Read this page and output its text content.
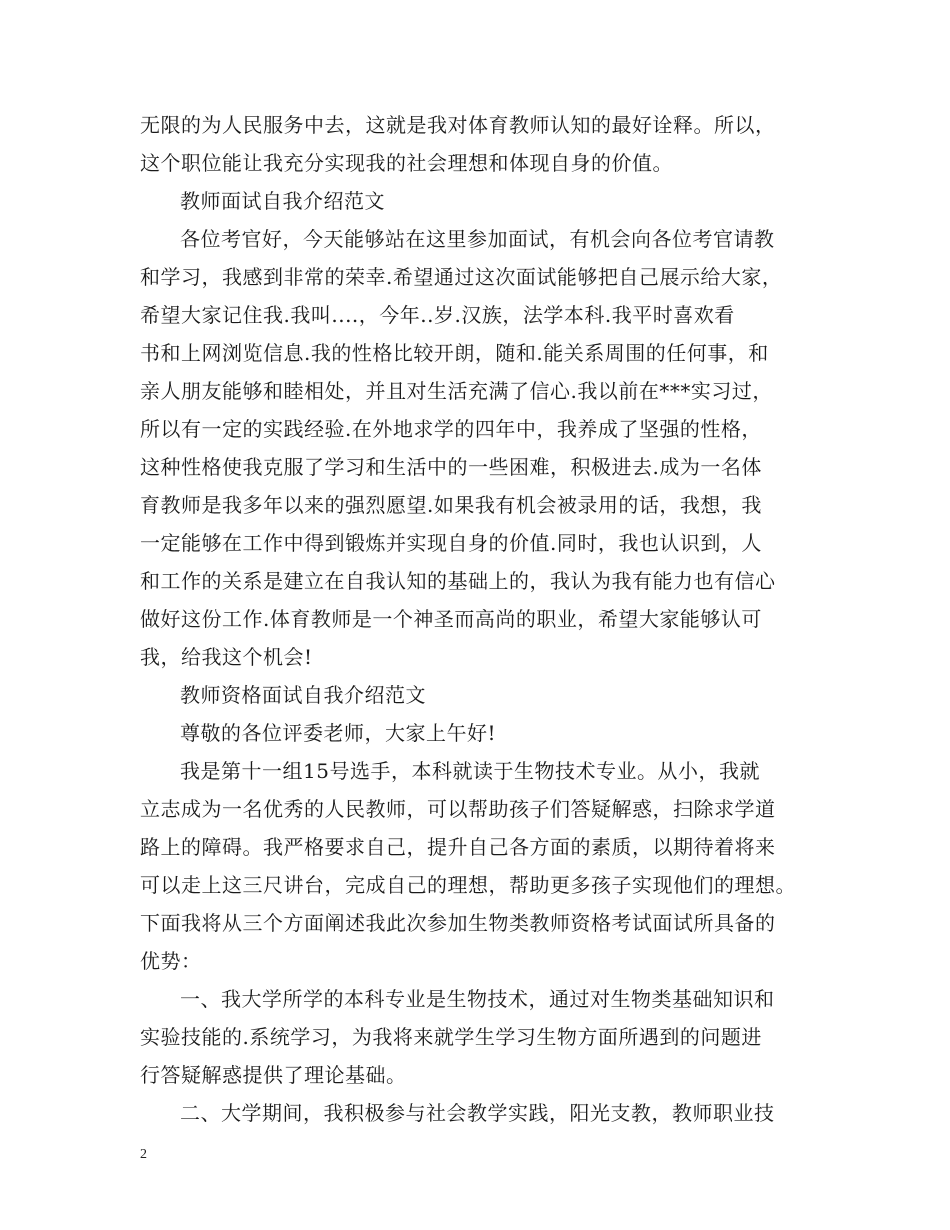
无限的为人民服务中去，这就是我对体育教师认知的最好诠释。所以，
这个职位能让我充分实现我的社会理想和体现自身的价值。
教师面试自我介绍范文
各位考官好，今天能够站在这里参加面试，有机会向各位考官请教
和学习，我感到非常的荣幸.希望通过这次面试能够把自己展示给大家，
希望大家记住我.我叫....，今年..岁.汉族，法学本科.我平时喜欢看
书和上网浏览信息.我的性格比较开朗，随和.能关系周围的任何事，和
亲人朋友能够和睦相处，并且对生活充满了信心.我以前在***实习过，
所以有一定的实践经验.在外地求学的四年中，我养成了坚强的性格，
这种性格使我克服了学习和生活中的一些困难，积极进去.成为一名体
育教师是我多年以来的强烈愿望.如果我有机会被录用的话，我想，我
一定能够在工作中得到锻炼并实现自身的价值.同时，我也认识到，人
和工作的关系是建立在自我认知的基础上的，我认为我有能力也有信心
做好这份工作.体育教师是一个神圣而高尚的职业，希望大家能够认可
我，给我这个机会!
教师资格面试自我介绍范文
尊敬的各位评委老师，大家上午好!
我是第十一组15号选手，本科就读于生物技术专业。从小，我就
立志成为一名优秀的人民教师，可以帮助孩子们答疑解惑，扫除求学道
路上的障碍。我严格要求自己，提升自己各方面的素质，以期待着将来
可以走上这三尺讲台，完成自己的理想，帮助更多孩子实现他们的理想。
下面我将从三个方面阐述我此次参加生物类教师资格考试面试所具备的
优势：
一、我大学所学的本科专业是生物技术，通过对生物类基础知识和
实验技能的.系统学习，为我将来就学生学习生物方面所遇到的问题进
行答疑解惑提供了理论基础。
二、大学期间，我积极参与社会教学实践，阳光支教，教师职业技
2
